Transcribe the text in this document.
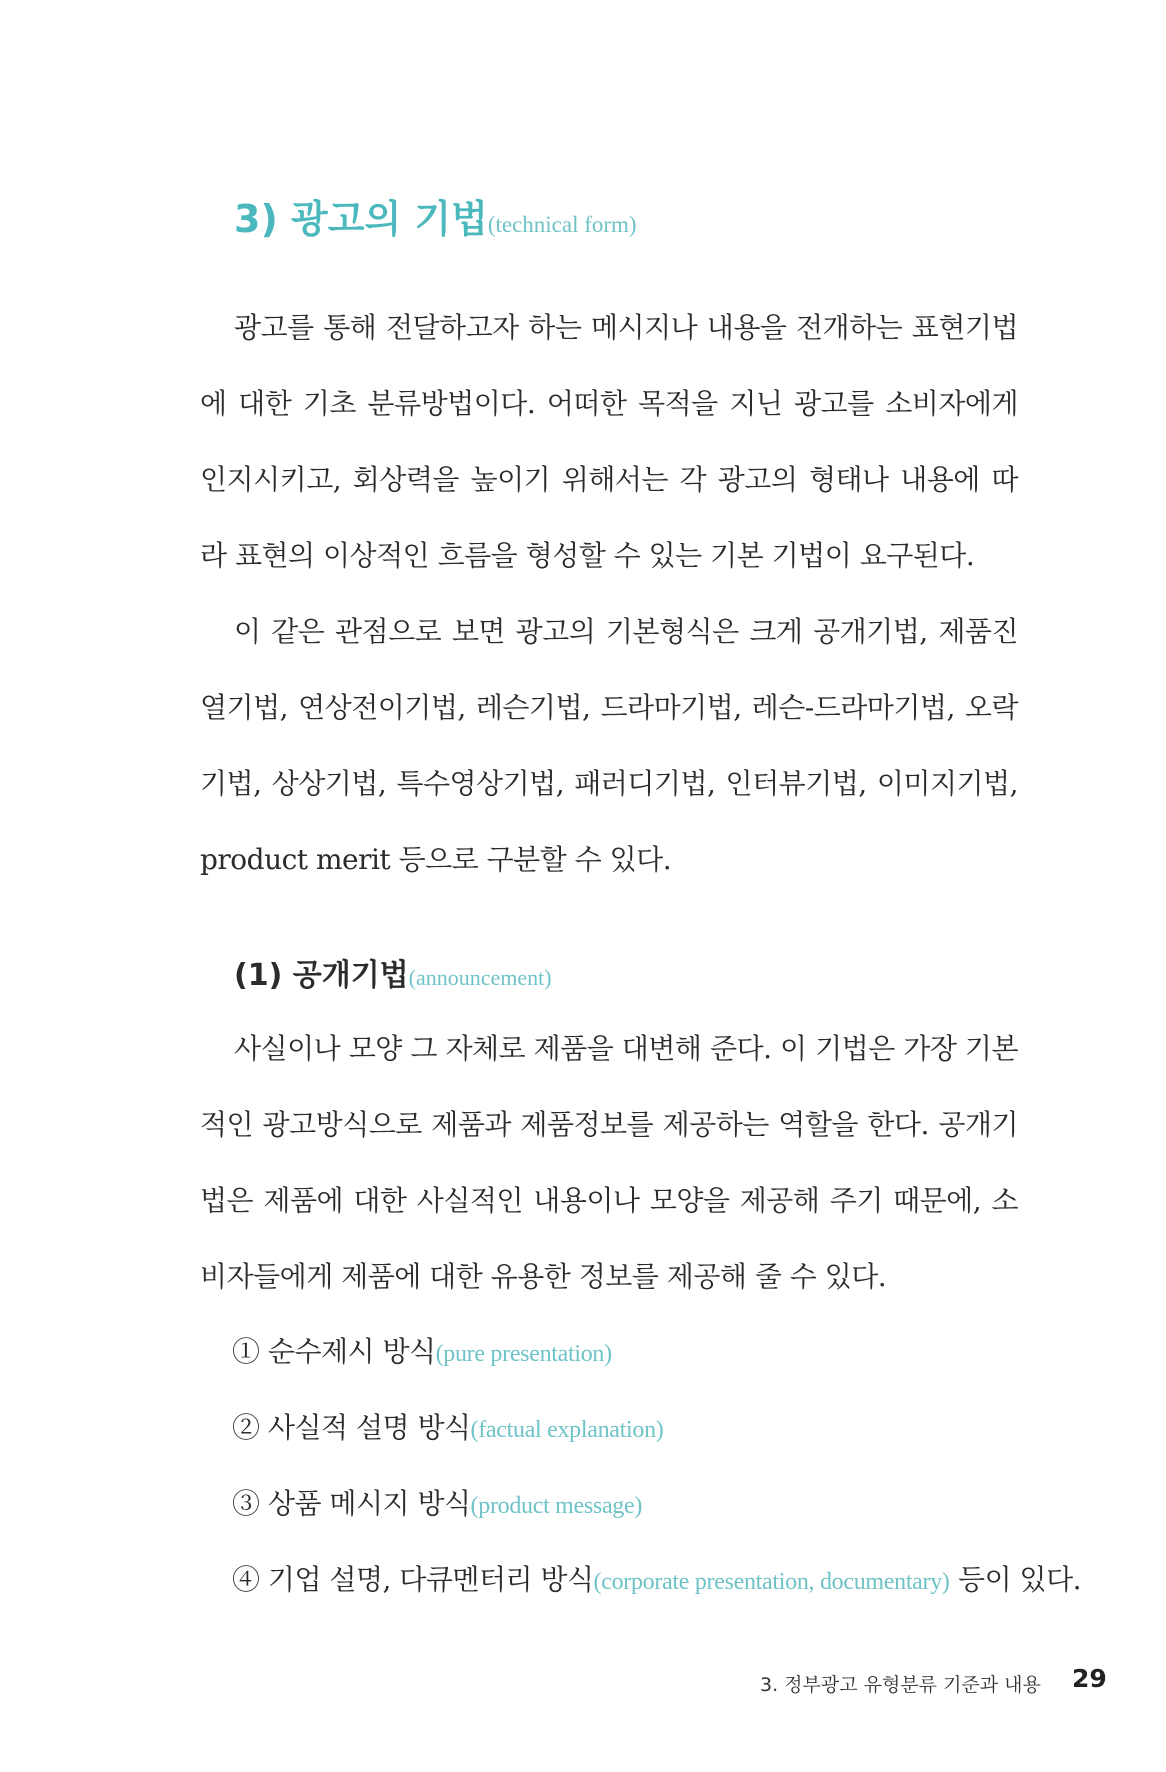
3) 광고의 기법(technical form)

광고를 통해 전달하고자 하는 메시지나 내용을 전개하는 표현기법에 대한 기초 분류방법이다. 어떠한 목적을 지닌 광고를 소비자에게 인지시키고, 회상력을 높이기 위해서는 각 광고의 형태나 내용에 따라 표현의 이상적인 흐름을 형성할 수 있는 기본 기법이 요구된다.

이 같은 관점으로 보면 광고의 기본형식은 크게 공개기법, 제품진열기법, 연상전이기법, 레슨기법, 드라마기법, 레슨-드라마기법, 오락기법, 상상기법, 특수영상기법, 패러디기법, 인터뷰기법, 이미지기법, product merit 등으로 구분할 수 있다.

(1) 공개기법(announcement)

사실이나 모양 그 자체로 제품을 대변해 준다. 이 기법은 가장 기본적인 광고방식으로 제품과 제품정보를 제공하는 역할을 한다. 공개기법은 제품에 대한 사실적인 내용이나 모양을 제공해 주기 때문에, 소비자들에게 제품에 대한 유용한 정보를 제공해 줄 수 있다.

① 순수제시 방식(pure presentation)
② 사실적 설명 방식(factual explanation)
③ 상품 메시지 방식(product message)
④ 기업 설명, 다큐멘터리 방식(corporate presentation, documentary) 등이 있다.
3. 정부광고 유형분류 기준과 내용 29
